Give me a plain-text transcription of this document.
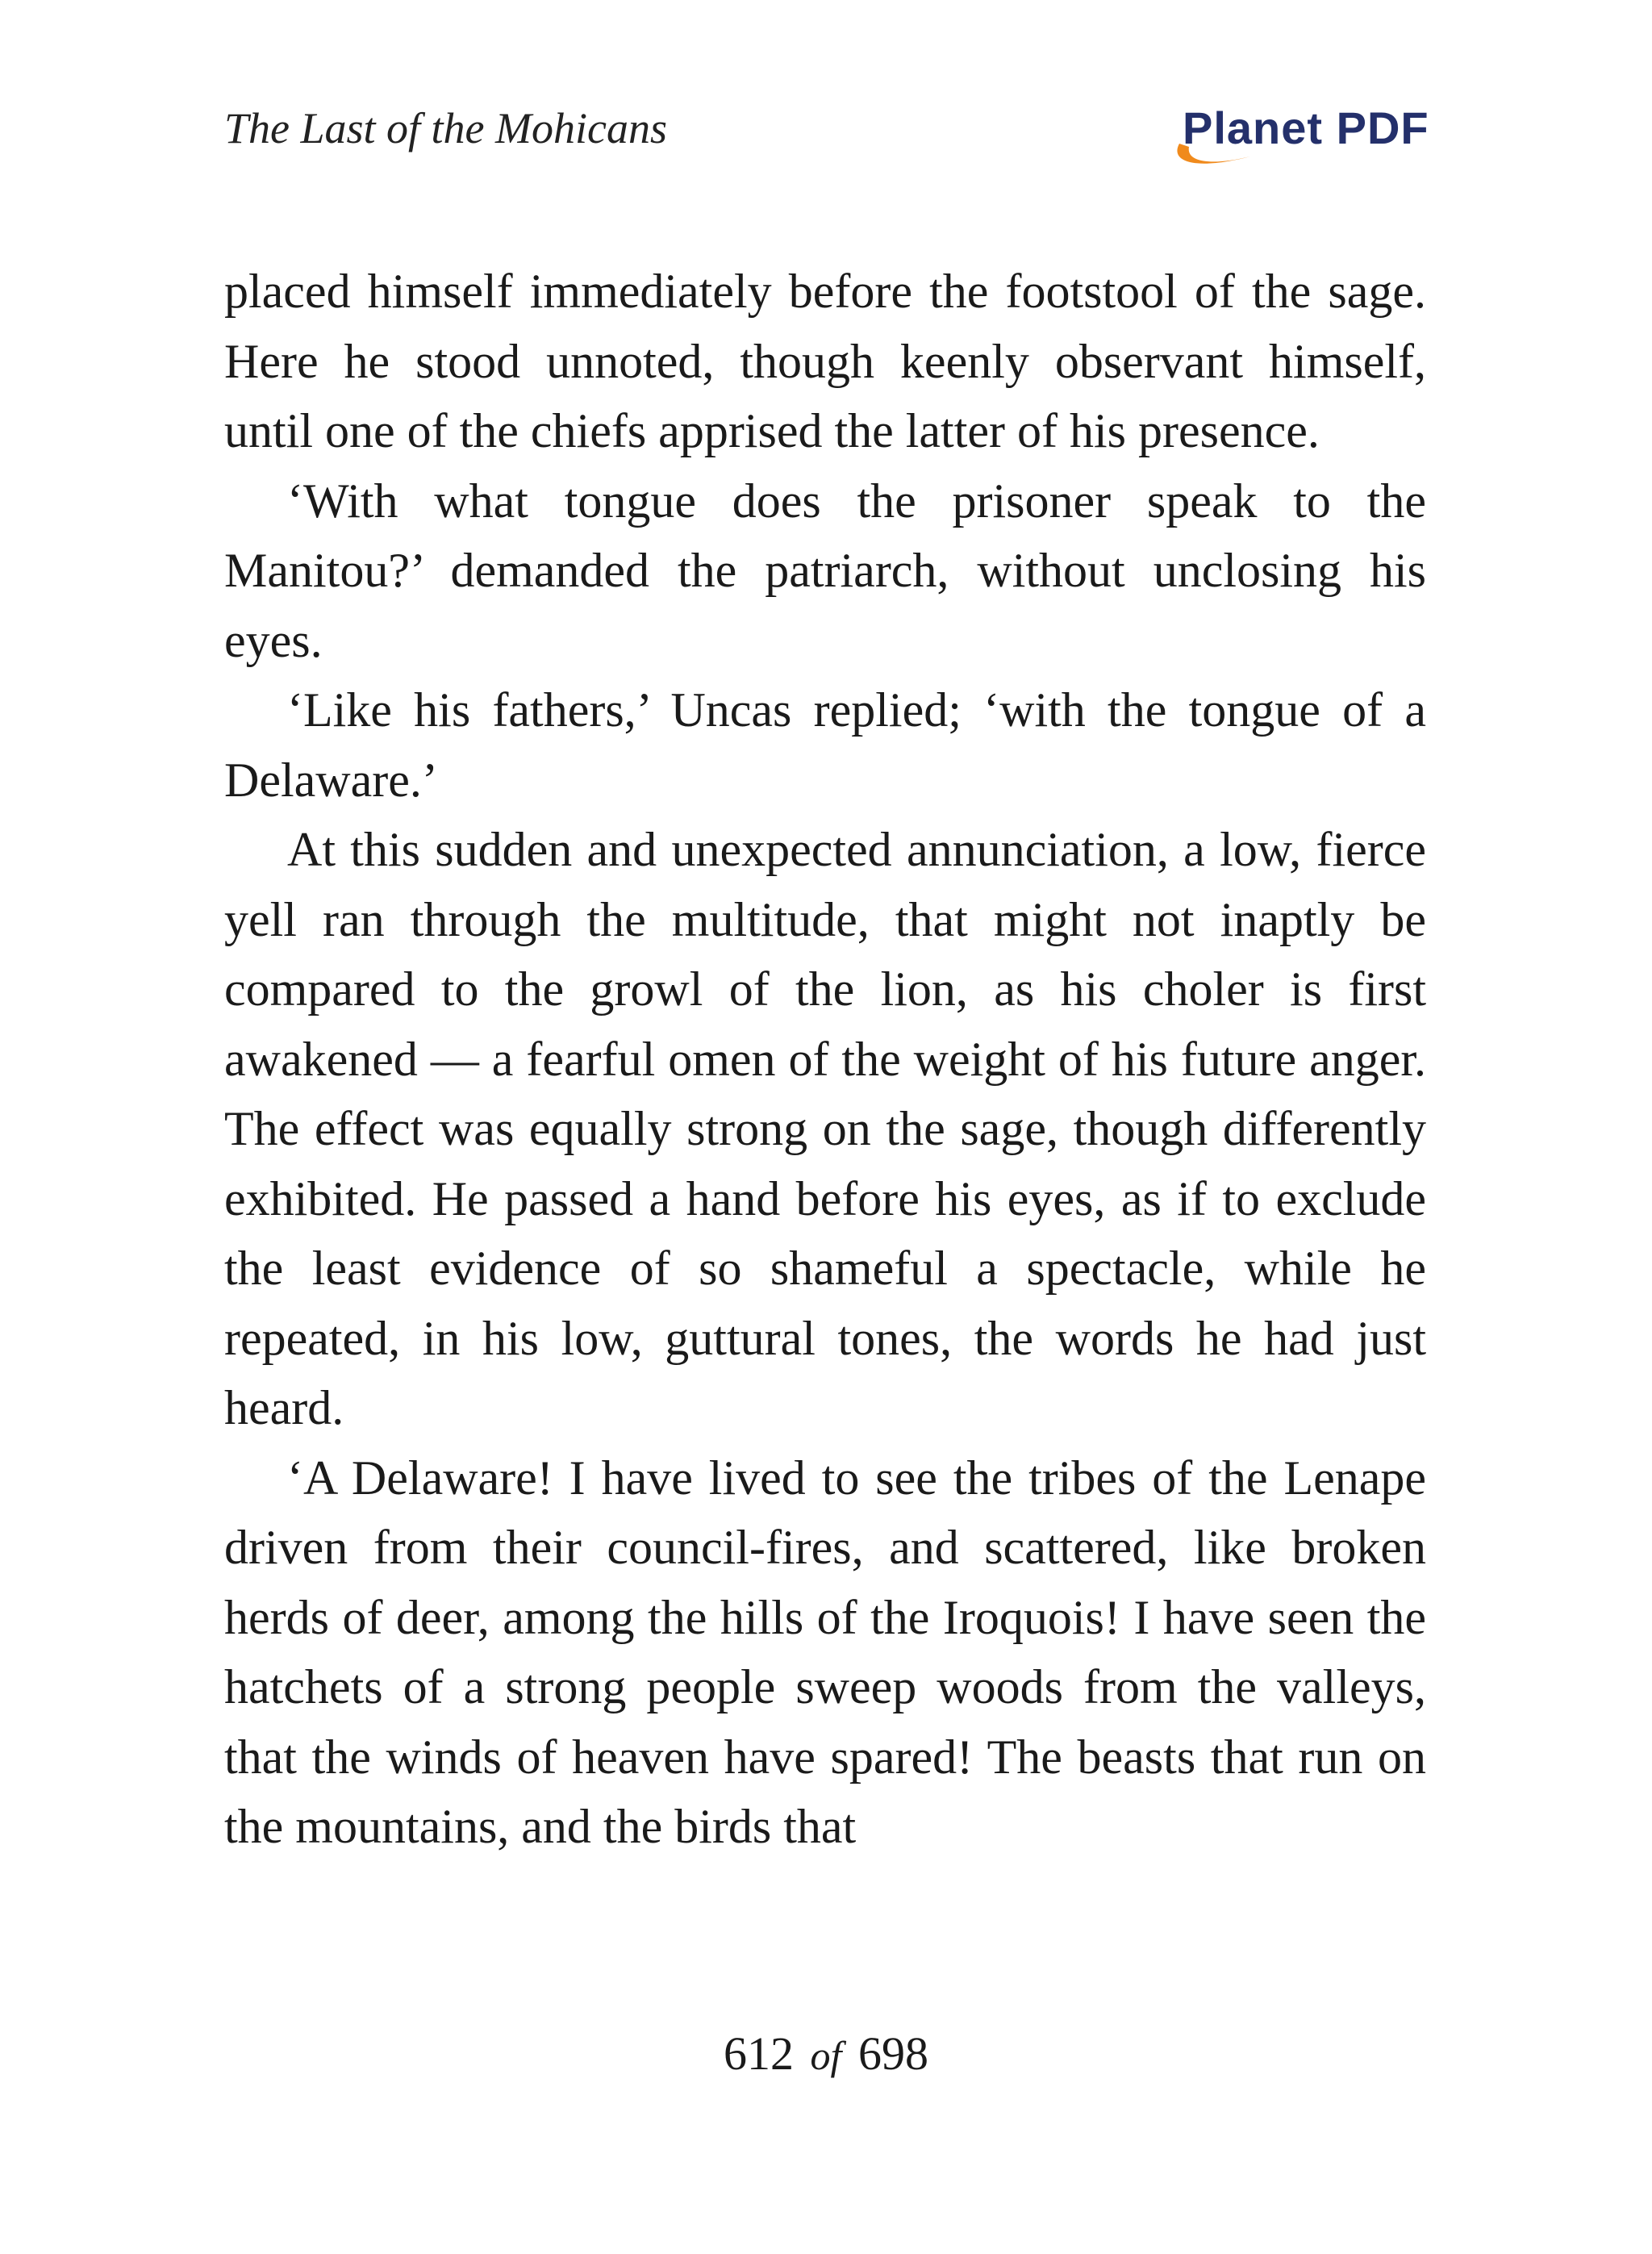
The Last of the Mohicans	Planet PDF

placed himself immediately before the footstool of the sage. Here he stood unnoted, though keenly observant himself, until one of the chiefs apprised the latter of his presence.

‘With what tongue does the prisoner speak to the Manitou?’ demanded the patriarch, without unclosing his eyes.

‘Like his fathers,’ Uncas replied; ‘with the tongue of a Delaware.’

At this sudden and unexpected annunciation, a low, fierce yell ran through the multitude, that might not inaptly be compared to the growl of the lion, as his choler is first awakened — a fearful omen of the weight of his future anger. The effect was equally strong on the sage, though differently exhibited. He passed a hand before his eyes, as if to exclude the least evidence of so shameful a spectacle, while he repeated, in his low, guttural tones, the words he had just heard.

‘A Delaware! I have lived to see the tribes of the Lenape driven from their council-fires, and scattered, like broken herds of deer, among the hills of the Iroquois! I have seen the hatchets of a strong people sweep woods from the valleys, that the winds of heaven have spared! The beasts that run on the mountains, and the birds that

612 of 698
